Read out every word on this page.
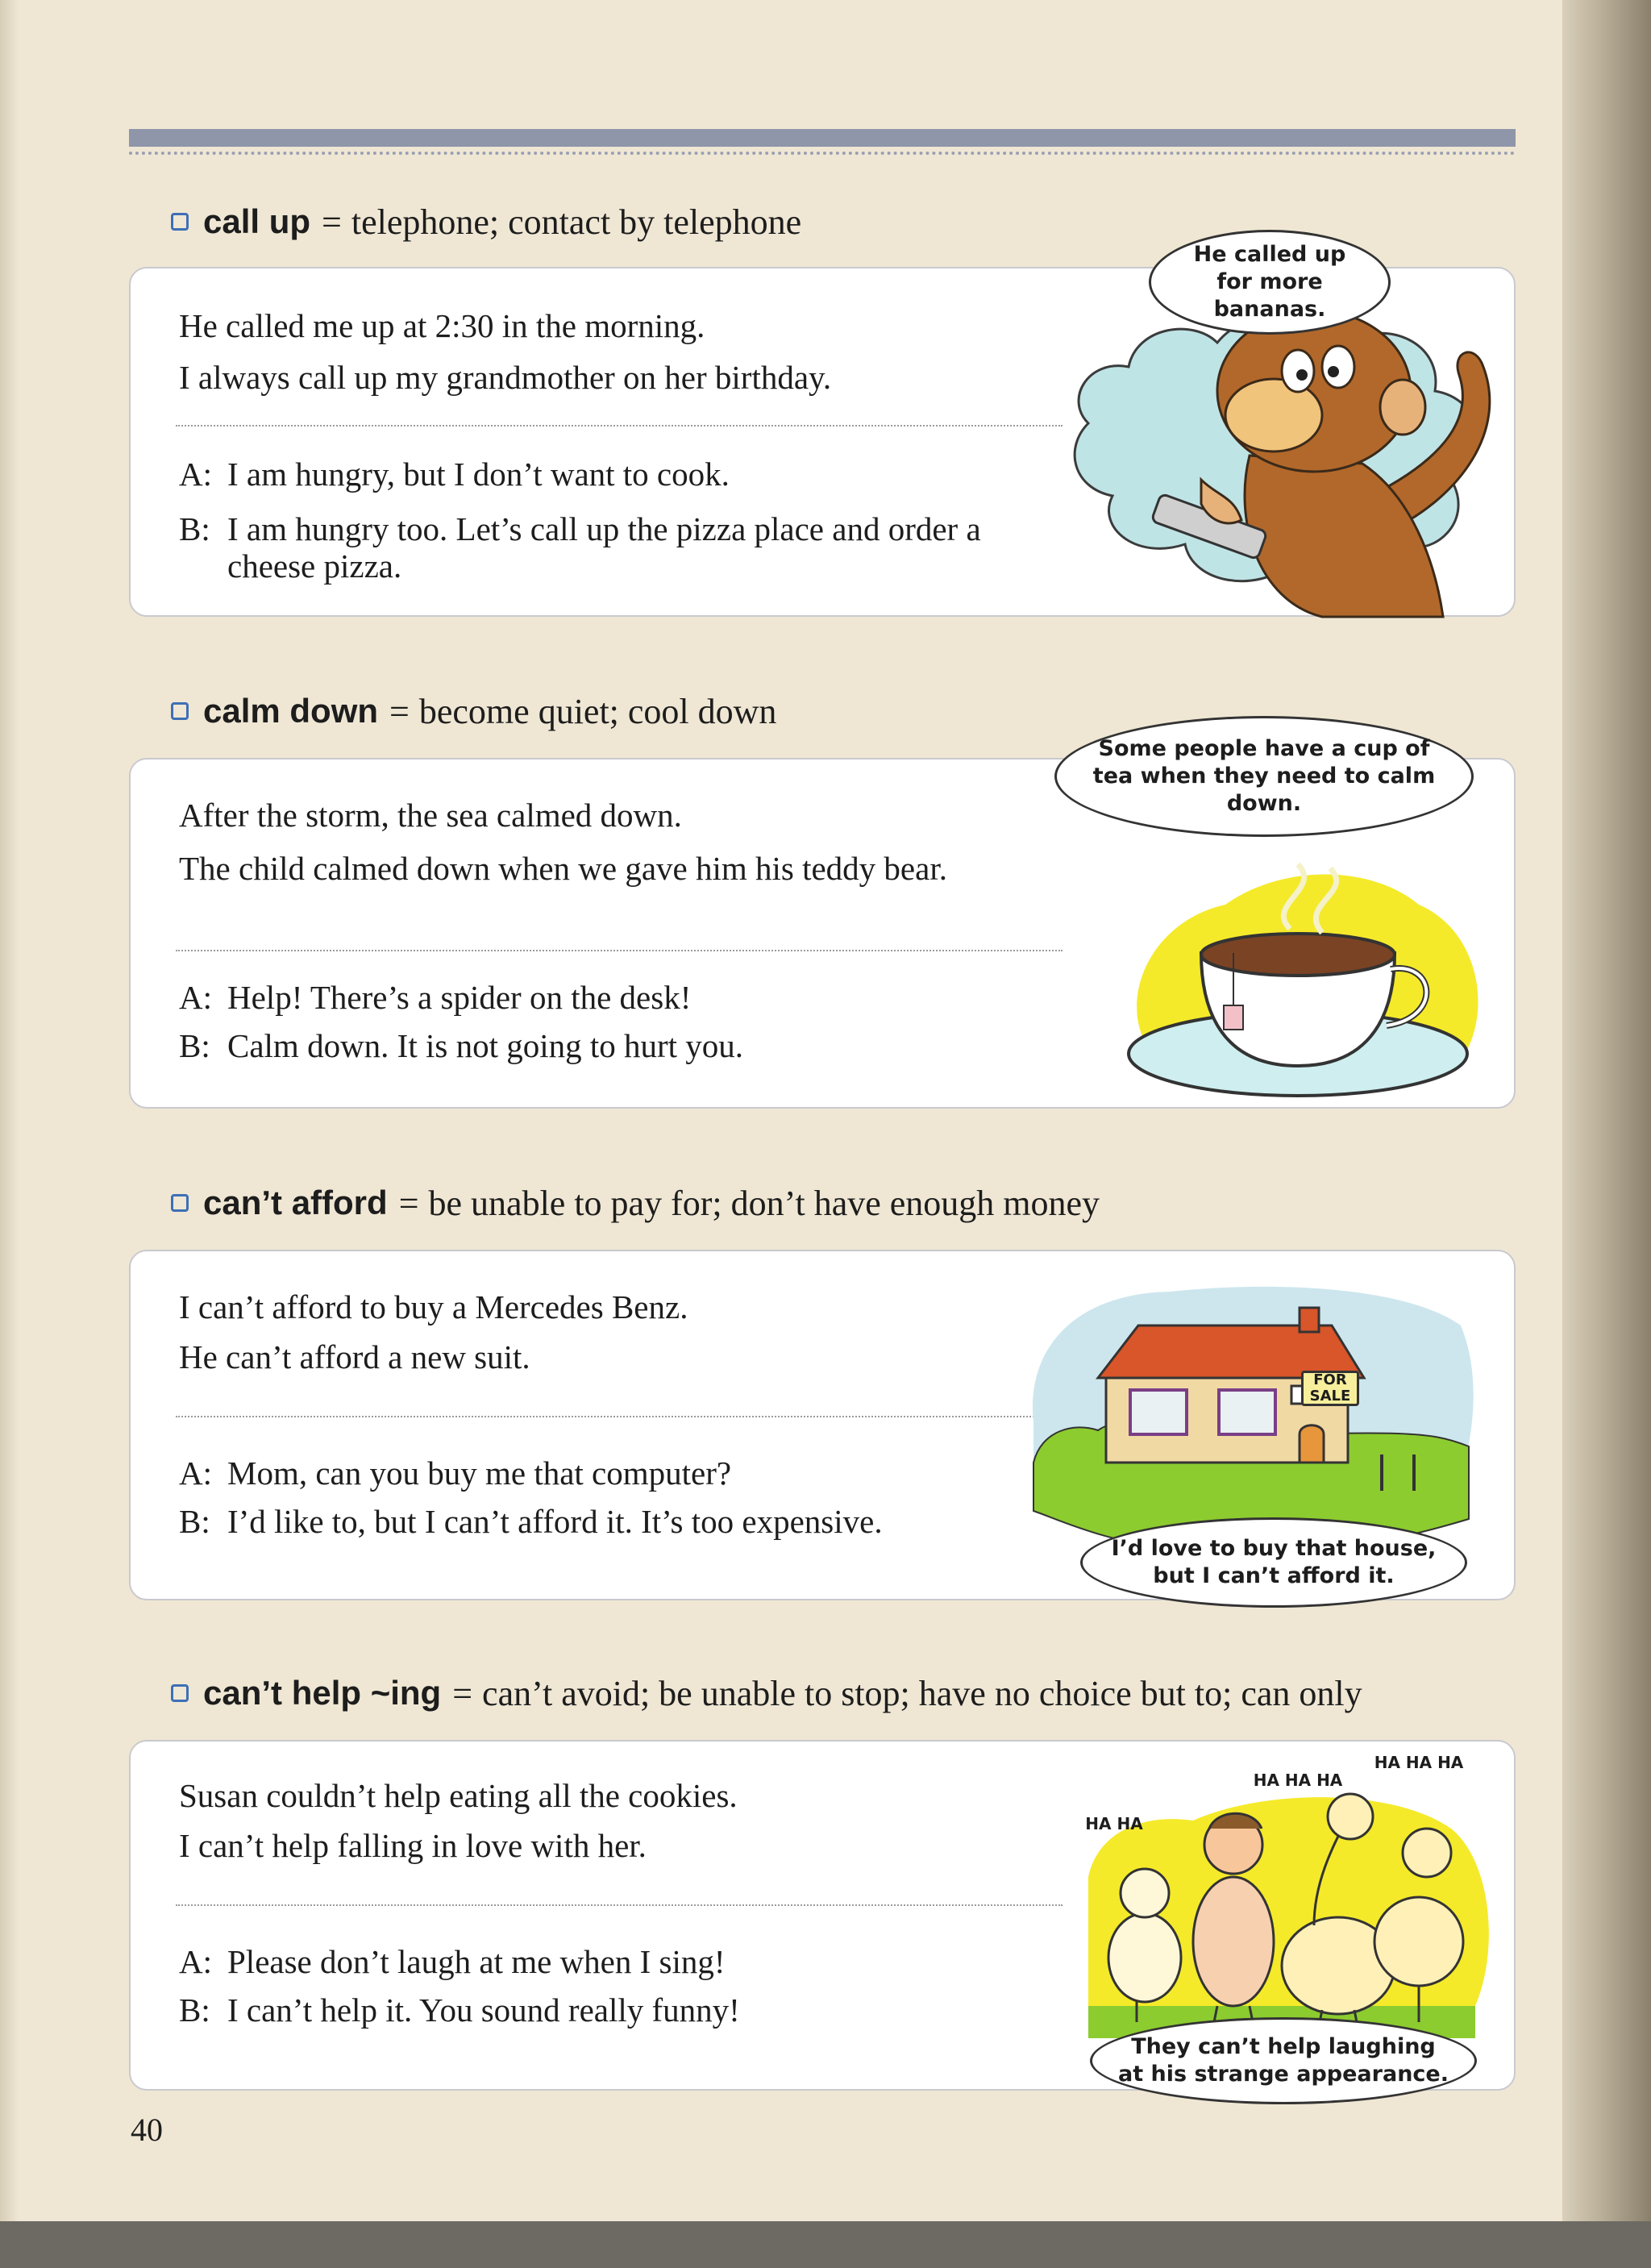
call up = telephone; contact by telephone
He called me up at 2:30 in the morning.
I always call up my grandmother on her birthday.
A: I am hungry, but I don’t want to cook.
B: I am hungry too. Let’s call up the pizza place and order a cheese pizza.
He called up for more bananas.
calm down = become quiet; cool down
After the storm, the sea calmed down.
The child calmed down when we gave him his teddy bear.
A: Help! There’s a spider on the desk!
B: Calm down. It is not going to hurt you.
Some people have a cup of tea when they need to calm down.
can’t afford = be unable to pay for; don’t have enough money
I can’t afford to buy a Mercedes Benz.
He can’t afford a new suit.
A: Mom, can you buy me that computer?
B: I’d like to, but I can’t afford it. It’s too expensive.
FOR SALE
I’d love to buy that house, but I can’t afford it.
can’t help ~ing = can’t avoid; be unable to stop; have no choice but to; can only
Susan couldn’t help eating all the cookies.
I can’t help falling in love with her.
A: Please don’t laugh at me when I sing!
B: I can’t help it. You sound really funny!
HA HA
HA HA HA
HA HA HA
They can’t help laughing at his strange appearance.
40
